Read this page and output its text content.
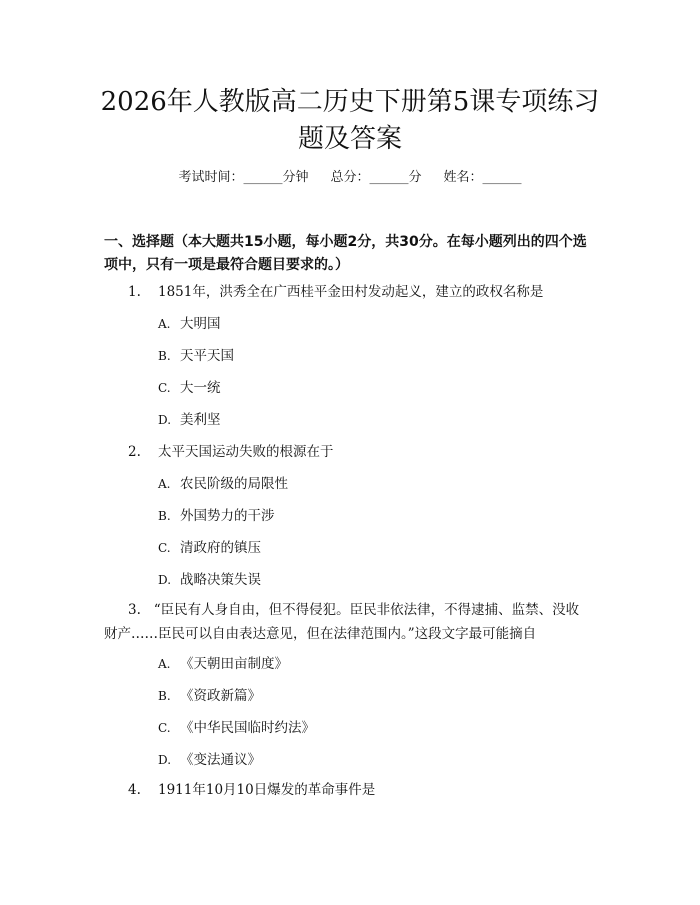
2026年人教版高二历史下册第5课专项练习
题及答案
考试时间：______分钟 总分：______分 姓名：______
一、选择题（本大题共15小题，每小题2分，共30分。在每小题列出的四个选
项中，只有一项是最符合题目要求的。）
1. 1851年，洪秀全在广西桂平金田村发动起义，建立的政权名称是
A. 大明国
B. 天平天国
C. 大一统
D. 美利坚
2. 太平天国运动失败的根源在于
A. 农民阶级的局限性
B. 外国势力的干涉
C. 清政府的镇压
D. 战略决策失误
3. “臣民有人身自由，但不得侵犯。臣民非依法律，不得逮捕、监禁、没收
财产……臣民可以自由表达意见，但在法律范围内。”这段文字最可能摘自
A. 《天朝田亩制度》
B. 《资政新篇》
C. 《中华民国临时约法》
D. 《变法通议》
4. 1911年10月10日爆发的革命事件是
